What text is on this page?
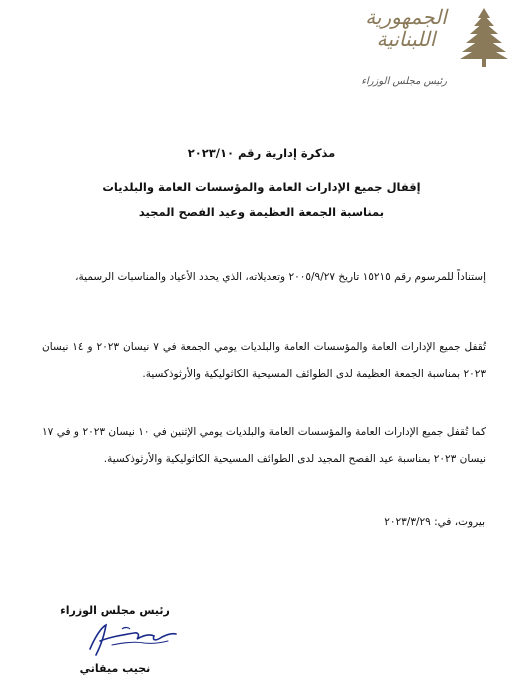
الجمهورية
اللبنانية
رئيس مجلس الوزراء
مذكرة إدارية رقم ٢٠٢٣/١٠
إقفال جميع الإدارات العامة والمؤسسات العامة والبلديات
بمناسبة الجمعة العظيمة وعيد الفصح المجيد
إستناداً للمرسوم رقم ١٥٢١٥ تاريخ ٢٠٠٥/٩/٢٧ وتعديلاته، الذي يحدد الأعياد والمناسبات الرسمية،
تُقفل جميع الإدارات العامة والمؤسسات العامة والبلديات يومي الجمعة في ٧ نيسان ٢٠٢٣ و ١٤ نيسان ٢٠٢٣ بمناسبة الجمعة العظيمة لدى الطوائف المسيحية الكاثوليكية والأرثوذكسية.
كما تُقفل جميع الإدارات العامة والمؤسسات العامة والبلديات يومي الإثنين في ١٠ نيسان ٢٠٢٣ و في ١٧ نيسان ٢٠٢٣ بمناسبة عيد الفصح المجيد لدى الطوائف المسيحية الكاثوليكية والأرثوذكسية.
بيروت، في: ٢٠٢٣/٣/٢٩
رئيس مجلس الوزراء
نجيب ميقاتي
